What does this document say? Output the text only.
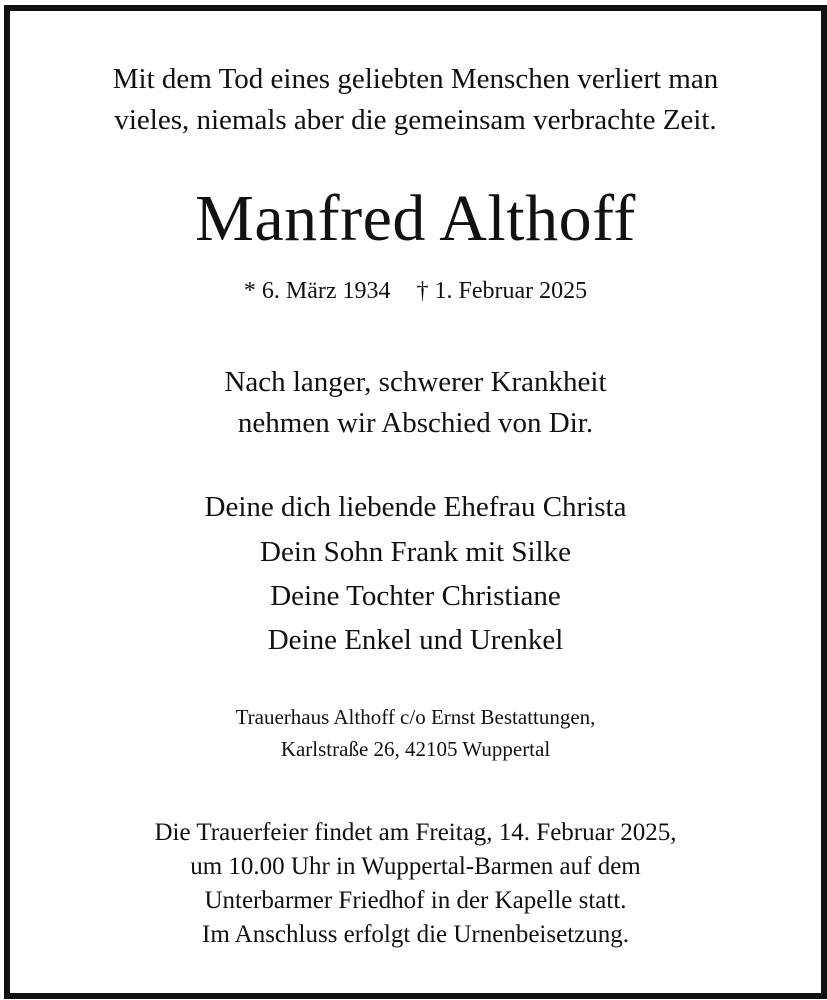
Mit dem Tod eines geliebten Menschen verliert man
vieles, niemals aber die gemeinsam verbrachte Zeit.
Manfred Althoff
* 6. März 1934 † 1. Februar 2025
Nach langer, schwerer Krankheit
nehmen wir Abschied von Dir.
Deine dich liebende Ehefrau Christa
Dein Sohn Frank mit Silke
Deine Tochter Christiane
Deine Enkel und Urenkel
Trauerhaus Althoff c/o Ernst Bestattungen,
Karlstraße 26, 42105 Wuppertal
Die Trauerfeier findet am Freitag, 14. Februar 2025,
um 10.00 Uhr in Wuppertal-Barmen auf dem
Unterbarmer Friedhof in der Kapelle statt.
Im Anschluss erfolgt die Urnenbeisetzung.
